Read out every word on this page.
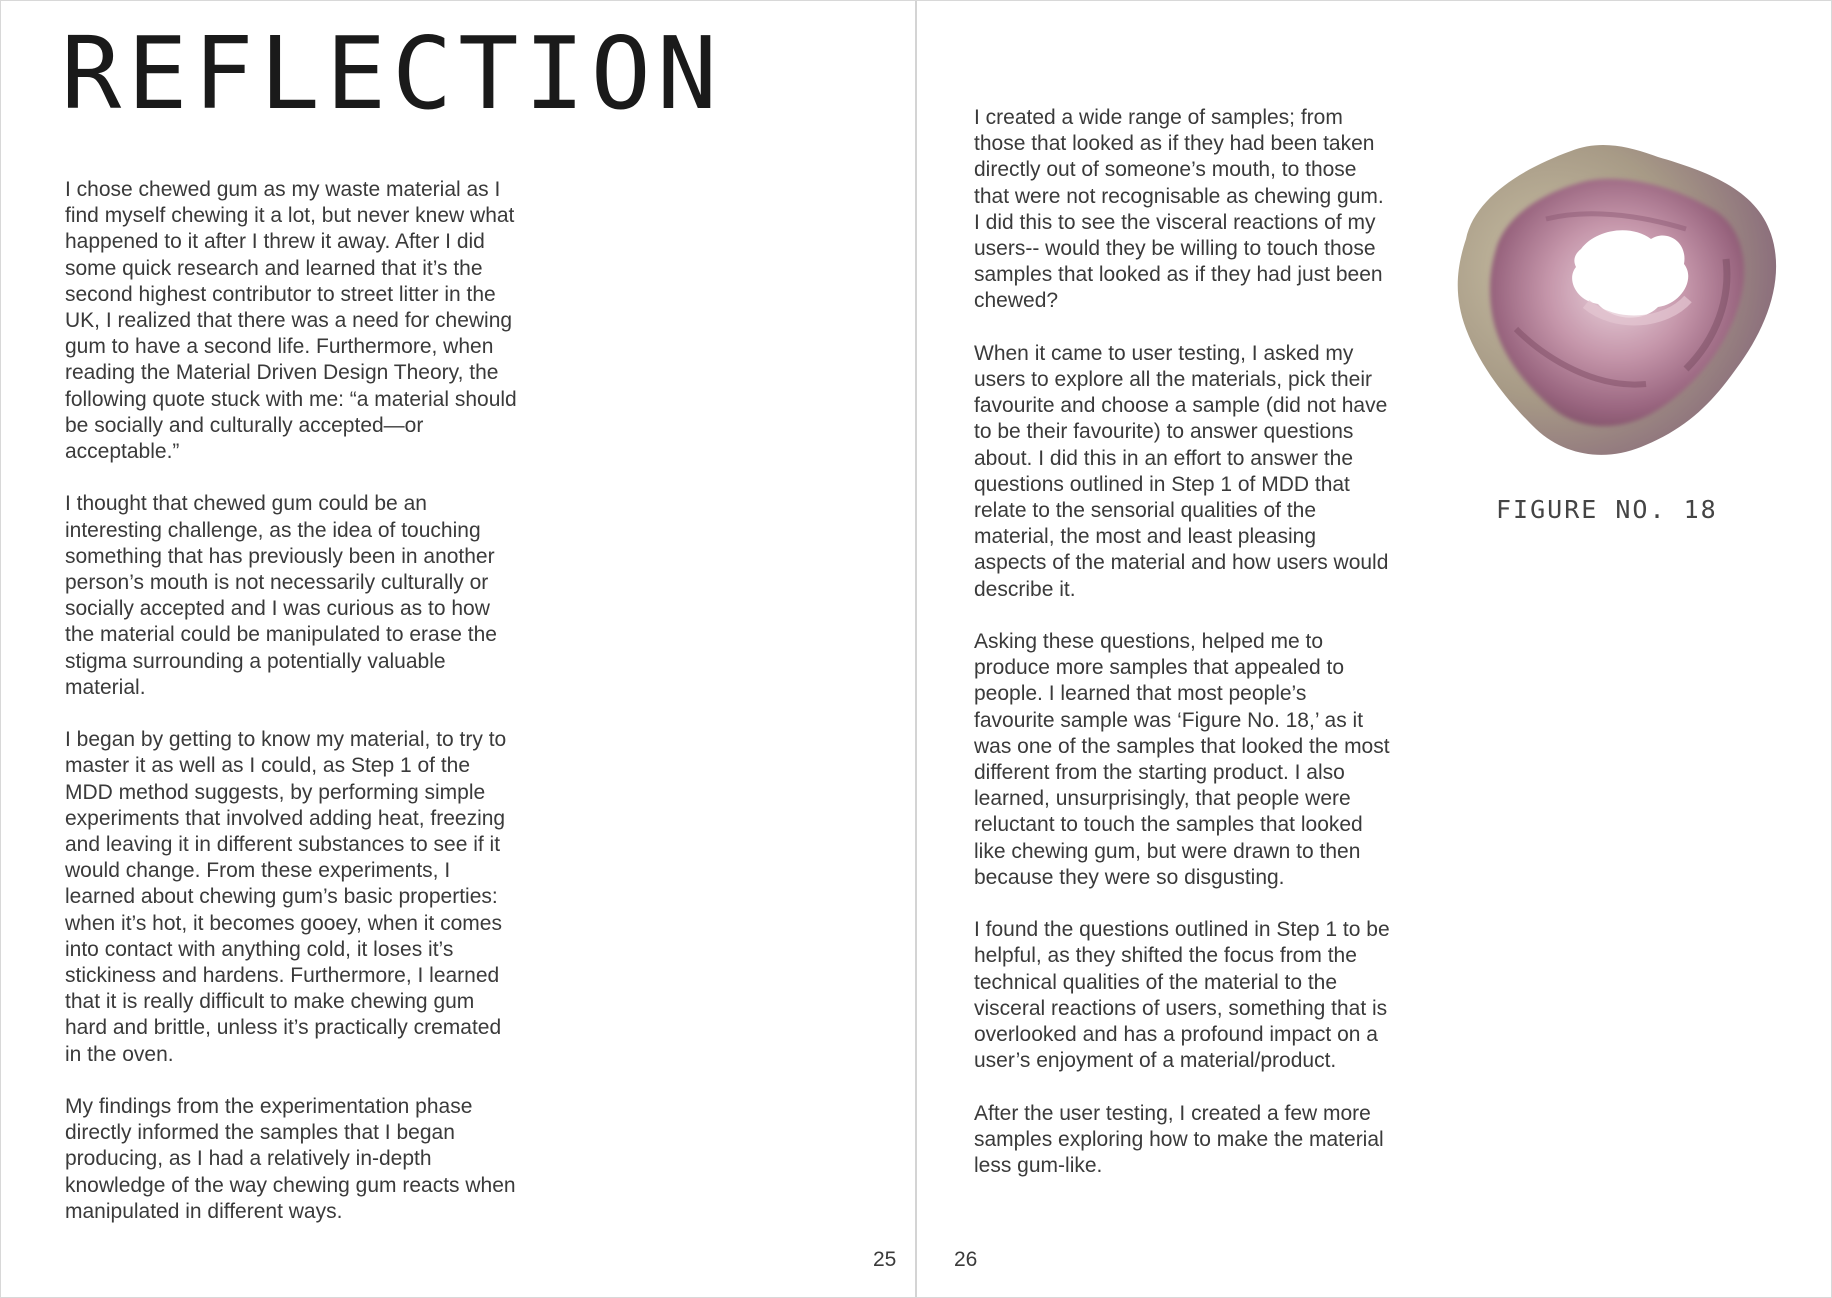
REFLECTION

I chose chewed gum as my waste material as I find myself chewing it a lot, but never knew what happened to it after I threw it away. After I did some quick research and learned that it’s the second highest contributor to street litter in the UK, I realized that there was a need for chewing gum to have a second life. Furthermore, when reading the Material Driven Design Theory, the following quote stuck with me: “a material should be socially and culturally accepted—or acceptable.”

I thought that chewed gum could be an interesting challenge, as the idea of touching something that has previously been in another person’s mouth is not necessarily culturally or socially accepted and I was curious as to how the material could be manipulated to erase the stigma surrounding a potentially valuable material.

I began by getting to know my material, to try to master it as well as I could, as Step 1 of the MDD method suggests, by performing simple experiments that involved adding heat, freezing and leaving it in different substances to see if it would change. From these experiments, I learned about chewing gum’s basic properties: when it’s hot, it becomes gooey, when it comes into contact with anything cold, it loses it’s stickiness and hardens. Furthermore, I learned that it is really difficult to make chewing gum hard and brittle, unless it’s practically cremated in the oven.

My findings from the experimentation phase directly informed the samples that I began producing, as I had a relatively in-depth knowledge of the way chewing gum reacts when manipulated in different ways.

25

I created a wide range of samples; from those that looked as if they had been taken directly out of someone’s mouth, to those that were not recognisable as chewing gum. I did this to see the visceral reactions of my users-- would they be willing to touch those samples that looked as if they had just been chewed?

When it came to user testing, I asked my users to explore all the materials, pick their favourite and choose a sample (did not have to be their favourite) to answer questions about. I did this in an effort to answer the questions outlined in Step 1 of MDD that relate to the sensorial qualities of the material, the most and least pleasing aspects of the material and how users would describe it.

Asking these questions, helped me to produce more samples that appealed to people. I learned that most people’s favourite sample was ‘Figure No. 18,’ as it was one of the samples that looked the most different from the starting product. I also learned, unsurprisingly, that people were reluctant to touch the samples that looked like chewing gum, but were drawn to then because they were so disgusting.

I found the questions outlined in Step 1 to be helpful, as they shifted the focus from the technical qualities of the material to the visceral reactions of users, something that is overlooked and has a profound impact on a user’s enjoyment of a material/product.

After the user testing, I created a few more samples exploring how to make the material less gum-like.

FIGURE NO. 18
26
